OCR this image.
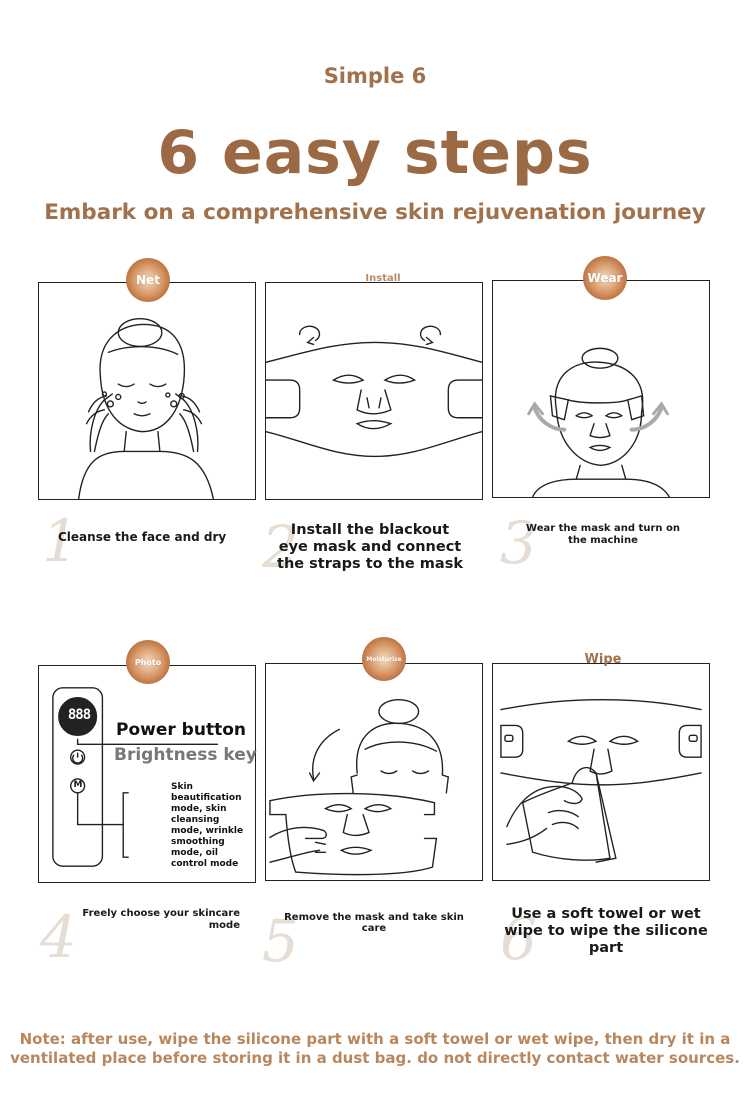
Simple 6
6 easy steps
Embark on a comprehensive skin rejuvenation journey
Net
1
Cleanse the face and dry
Install
2
Install the blackout eye mask and connect the straps to the mask
Wear
3
Wear the mask and turn on the machine
888
M
Power button
Brightness key
Skin beautification mode, skin cleansing mode, wrinkle smoothing mode, oil control mode
Photo
4 Freely choose your skincare mode
Moisturize
5
Remove the mask and take skin care
Wipe
6
Use a soft towel or wet wipe to wipe the silicone part
Note: after use, wipe the silicone part with a soft towel or wet wipe, then dry it in a ventilated place before storing it in a dust bag. do not directly contact water sources.
